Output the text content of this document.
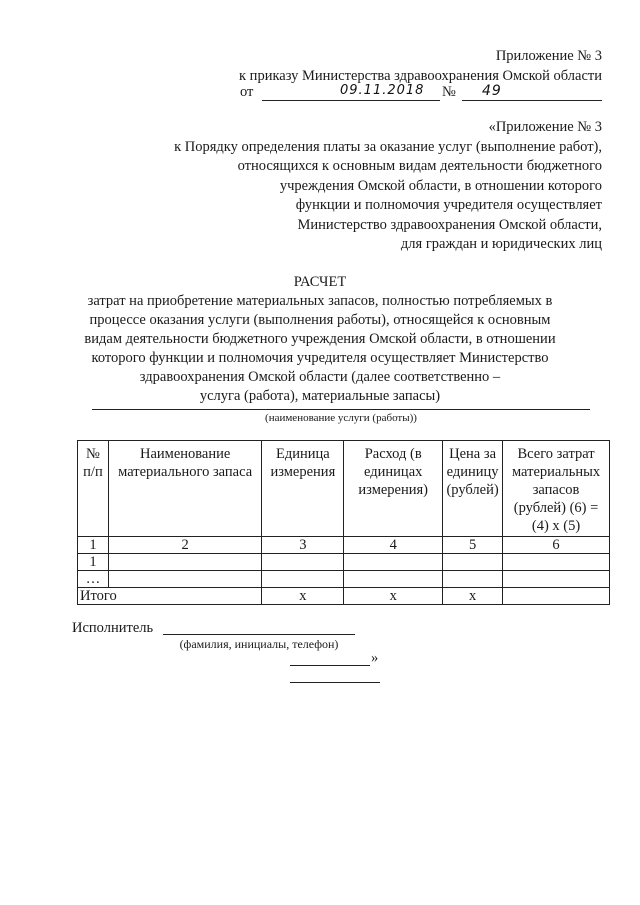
Приложение № 3
к приказу Министерства здравоохранения Омской области
от	09.11.2018 № 49
«Приложение № 3
к Порядку определения платы за оказание услуг (выполнение работ),
относящихся к основным видам деятельности бюджетного
учреждения Омской области, в отношении которого
функции и полномочия учредителя осуществляет
Министерство здравоохранения Омской области,
для граждан и юридических лиц
РАСЧЕТ
затрат на приобретение материальных запасов, полностью потребляемых в
процессе оказания услуги (выполнения работы), относящейся к основным
видам деятельности бюджетного учреждения Омской области, в отношении
которого функции и полномочия учредителя осуществляет Министерство
здравоохранения Омской области (далее соответственно –
услуга (работа), материальные запасы)
(наименование услуги (работы))
№ п/п	Наименование материального запаса	Единица измерения	Расход (в единицах измерения)	Цена за единицу (рублей)	Всего затрат материальных запасов (рублей) (6) = (4) х (5)
1	2	3	4	5	6
1					
…					
Итого		х	х	х	
Исполнитель
(фамилия, инициалы, телефон)
»
